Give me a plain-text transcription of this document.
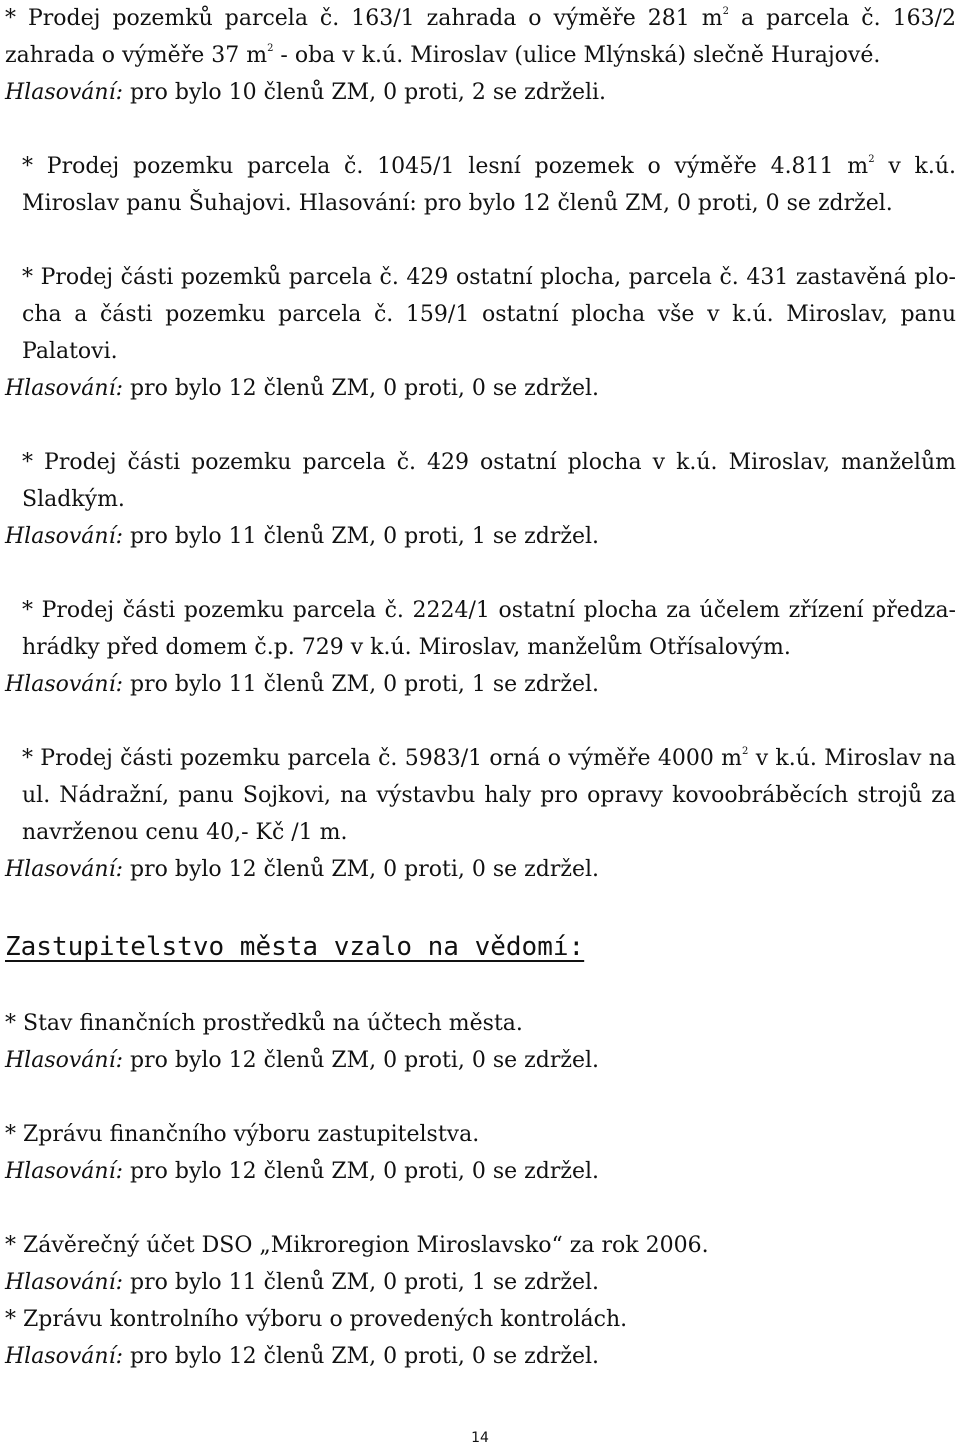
* Prodej pozemků parcela č. 163/1 zahrada o výměře 281 $m^2$ a parcela č. 163/2
zahrada o výměře 37 $m^2$ - oba v k.ú. Miroslav (ulice Mlýnská) slečně Hurajové.
Hlasování: pro bylo 10 členů ZM, 0 proti, 2 se zdrželi.
* Prodej pozemku parcela č. 1045/1 lesní pozemek o výměře 4.811 $m^2$ v k.ú.
Miroslav panu Šuhajovi. Hlasování: pro bylo 12 členů ZM, 0 proti, 0 se zdržel.
* Prodej části pozemků parcela č. 429 ostatní plocha, parcela č. 431 zastavěná plo-
cha a části pozemku parcela č. 159/1 ostatní plocha vše v k.ú. Miroslav, panu
Palatovi.
Hlasování: pro bylo 12 členů ZM, 0 proti, 0 se zdržel.
* Prodej části pozemku parcela č. 429 ostatní plocha v k.ú. Miroslav, manželům
Sladkým.
Hlasování: pro bylo 11 členů ZM, 0 proti, 1 se zdržel.
* Prodej části pozemku parcela č. 2224/1 ostatní plocha za účelem zřízení předza-
hrádky před domem č.p. 729 v k.ú. Miroslav, manželům Otřísalovým.
Hlasování: pro bylo 11 členů ZM, 0 proti, 1 se zdržel.
* Prodej části pozemku parcela č. 5983/1 orná o výměře 4000 $m^2$ v k.ú. Miroslav na
ul. Nádražní, panu Sojkovi, na výstavbu haly pro opravy kovoobráběcích strojů za
navrženou cenu 40,- Kč /1 m.
Hlasování: pro bylo 12 členů ZM, 0 proti, 0 se zdržel.
Zastupitelstvo města vzalo na vědomí:
* Stav finančních prostředků na účtech města.
Hlasování: pro bylo 12 členů ZM, 0 proti, 0 se zdržel.
* Zprávu finančního výboru zastupitelstva.
Hlasování: pro bylo 12 členů ZM, 0 proti, 0 se zdržel.
* Závěrečný účet DSO „Mikroregion Miroslavsko“ za rok 2006.
Hlasování: pro bylo 11 členů ZM, 0 proti, 1 se zdržel.
* Zprávu kontrolního výboru o provedených kontrolách.
Hlasování: pro bylo 12 členů ZM, 0 proti, 0 se zdržel.
14
